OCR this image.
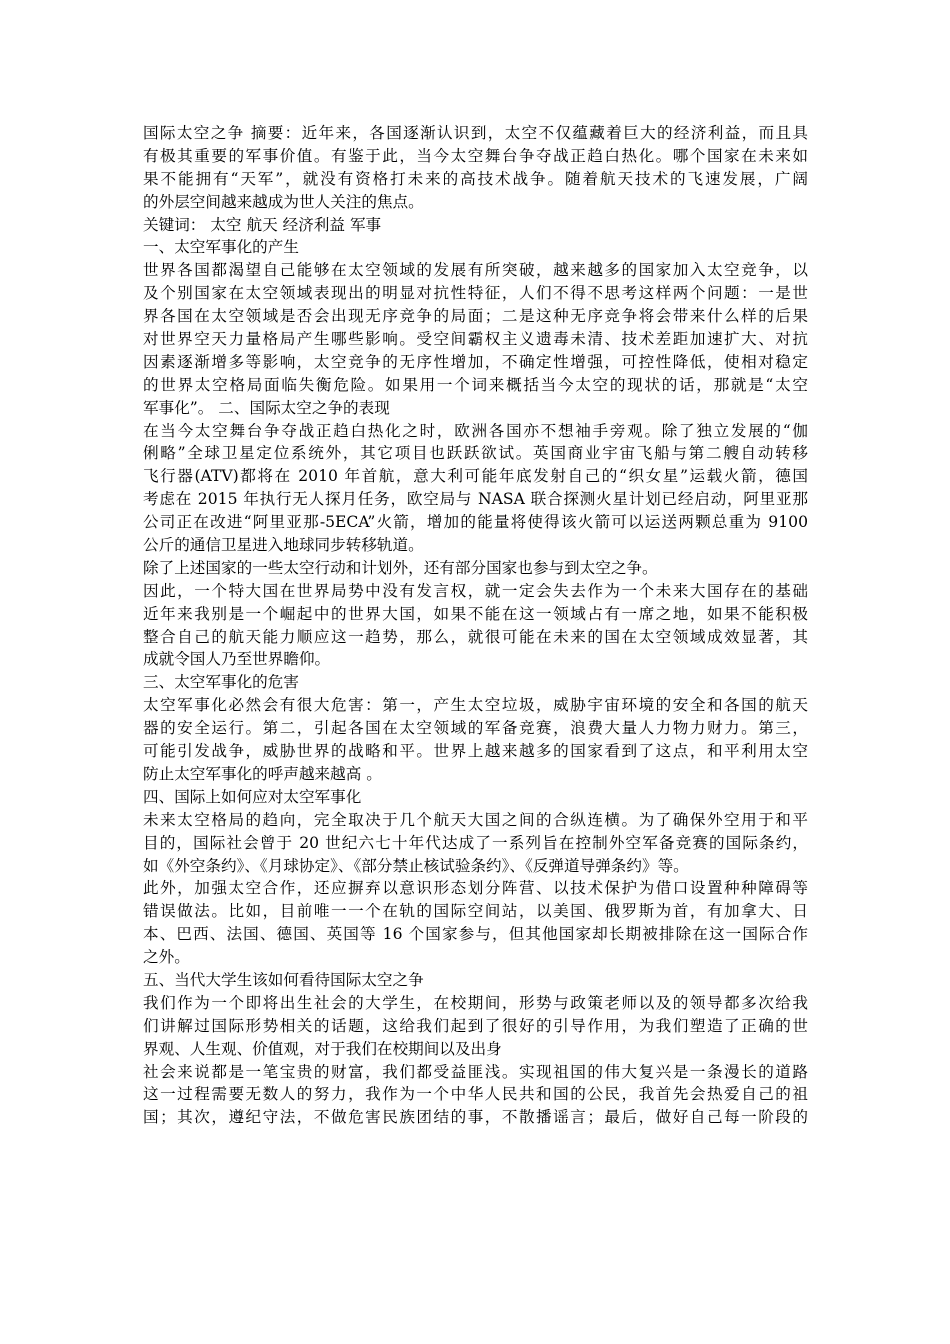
国际太空之争 摘要：近年来，各国逐渐认识到，太空不仅蕴藏着巨大的经济利益，而且具
有极其重要的军事价值。有鉴于此，当今太空舞台争夺战正趋白热化。哪个国家在未来如
果不能拥有“天军”，就没有资格打未来的高技术战争。随着航天技术的飞速发展，广阔
的外层空间越来越成为世人关注的焦点。
关键词： 太空 航天 经济利益 军事
一、太空军事化的产生
世界各国都渴望自己能够在太空领域的发展有所突破，越来越多的国家加入太空竞争，以
及个别国家在太空领域表现出的明显对抗性特征，人们不得不思考这样两个问题：一是世
界各国在太空领域是否会出现无序竞争的局面；二是这种无序竞争将会带来什么样的后果
对世界空天力量格局产生哪些影响。受空间霸权主义遗毒未清、技术差距加速扩大、对抗
因素逐渐增多等影响，太空竞争的无序性增加，不确定性增强，可控性降低，使相对稳定
的世界太空格局面临失衡危险。如果用一个词来概括当今太空的现状的话，那就是“太空
军事化”。 二、国际太空之争的表现
在当今太空舞台争夺战正趋白热化之时，欧洲各国亦不想袖手旁观。除了独立发展的“伽
俐略”全球卫星定位系统外，其它项目也跃跃欲试。英国商业宇宙飞船与第二艘自动转移
飞行器(ATV)都将在 2010 年首航，意大利可能年底发射自己的“织女星”运载火箭，德国
考虑在 2015 年执行无人探月任务，欧空局与 NASA 联合探测火星计划已经启动，阿里亚那
公司正在改进“阿里亚那-5ECA”火箭，增加的能量将使得该火箭可以运送两颗总重为 9100
公斤的通信卫星进入地球同步转移轨道。
除了上述国家的一些太空行动和计划外，还有部分国家也参与到太空之争。
因此，一个特大国在世界局势中没有发言权，就一定会失去作为一个未来大国存在的基础
近年来我别是一个崛起中的世界大国，如果不能在这一领域占有一席之地，如果不能积极
整合自己的航天能力顺应这一趋势，那么，就很可能在未来的国在太空领域成效显著，其
成就令国人乃至世界瞻仰。
三、太空军事化的危害
太空军事化必然会有很大危害：第一，产生太空垃圾，威胁宇宙环境的安全和各国的航天
器的安全运行。第二，引起各国在太空领域的军备竞赛，浪费大量人力物力财力。第三，
可能引发战争，威胁世界的战略和平。世界上越来越多的国家看到了这点，和平利用太空
防止太空军事化的呼声越来越高 。
四、国际上如何应对太空军事化
未来太空格局的趋向，完全取决于几个航天大国之间的合纵连横。为了确保外空用于和平
目的，国际社会曾于 20 世纪六七十年代达成了一系列旨在控制外空军备竞赛的国际条约，
如《外空条约》、《月球协定》、《部分禁止核试验条约》、《反弹道导弹条约》等。
此外，加强太空合作，还应摒弃以意识形态划分阵营、以技术保护为借口设置种种障碍等
错误做法。比如，目前唯一一个在轨的国际空间站，以美国、俄罗斯为首，有加拿大、日
本、巴西、法国、德国、英国等 16 个国家参与，但其他国家却长期被排除在这一国际合作
之外。
五、当代大学生该如何看待国际太空之争
我们作为一个即将出生社会的大学生，在校期间，形势与政策老师以及的领导都多次给我
们讲解过国际形势相关的话题，这给我们起到了很好的引导作用，为我们塑造了正确的世
界观、人生观、价值观，对于我们在校期间以及出身
社会来说都是一笔宝贵的财富，我们都受益匪浅。实现祖国的伟大复兴是一条漫长的道路
这一过程需要无数人的努力，我作为一个中华人民共和国的公民，我首先会热爱自己的祖
国；其次，遵纪守法，不做危害民族团结的事，不散播谣言；最后，做好自己每一阶段的
